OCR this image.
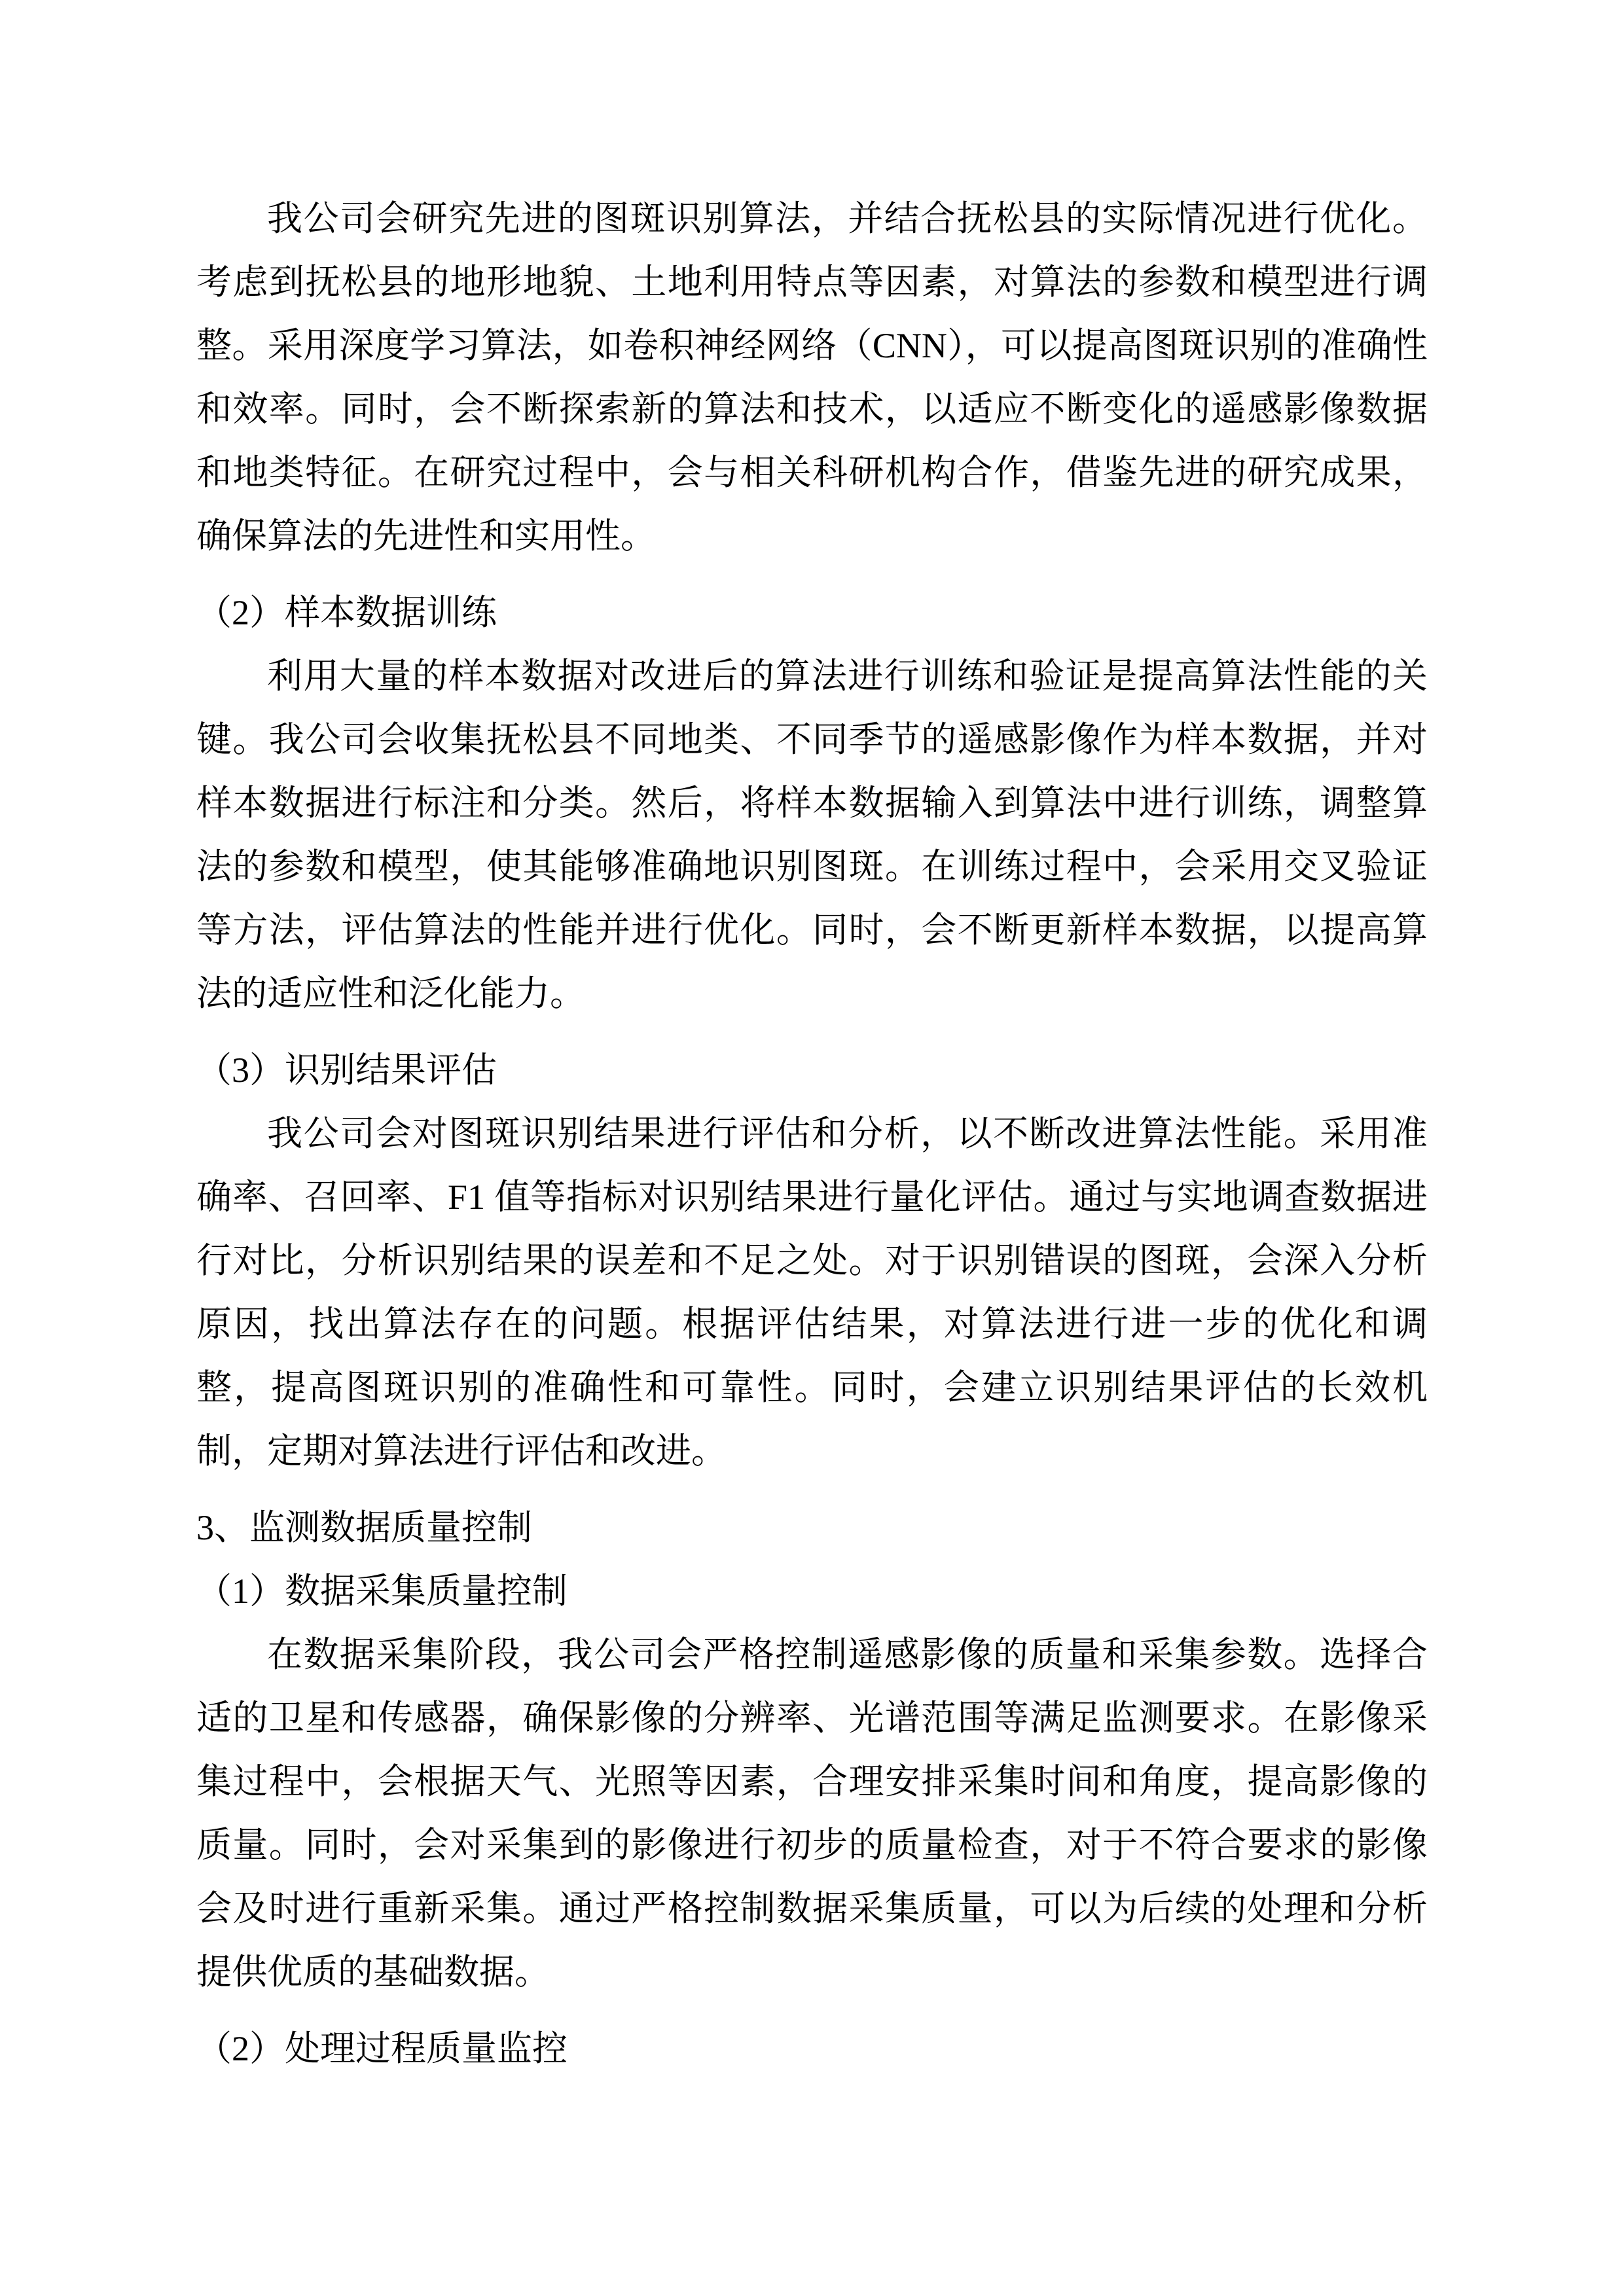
我公司会研究先进的图斑识别算法，并结合抚松县的实际情况进行优化。考虑到抚松县的地形地貌、土地利用特点等因素，对算法的参数和模型进行调整。采用深度学习算法，如卷积神经网络（CNN），可以提高图斑识别的准确性和效率。同时，会不断探索新的算法和技术，以适应不断变化的遥感影像数据和地类特征。在研究过程中，会与相关科研机构合作，借鉴先进的研究成果，确保算法的先进性和实用性。

（2）样本数据训练

利用大量的样本数据对改进后的算法进行训练和验证是提高算法性能的关键。我公司会收集抚松县不同地类、不同季节的遥感影像作为样本数据，并对样本数据进行标注和分类。然后，将样本数据输入到算法中进行训练，调整算法的参数和模型，使其能够准确地识别图斑。在训练过程中，会采用交叉验证等方法，评估算法的性能并进行优化。同时，会不断更新样本数据，以提高算法的适应性和泛化能力。

（3）识别结果评估

我公司会对图斑识别结果进行评估和分析，以不断改进算法性能。采用准确率、召回率、F1 值等指标对识别结果进行量化评估。通过与实地调查数据进行对比，分析识别结果的误差和不足之处。对于识别错误的图斑，会深入分析原因，找出算法存在的问题。根据评估结果，对算法进行进一步的优化和调整，提高图斑识别的准确性和可靠性。同时，会建立识别结果评估的长效机制，定期对算法进行评估和改进。

3、监测数据质量控制

（1）数据采集质量控制

在数据采集阶段，我公司会严格控制遥感影像的质量和采集参数。选择合适的卫星和传感器，确保影像的分辨率、光谱范围等满足监测要求。在影像采集过程中，会根据天气、光照等因素，合理安排采集时间和角度，提高影像的质量。同时，会对采集到的影像进行初步的质量检查，对于不符合要求的影像会及时进行重新采集。通过严格控制数据采集质量，可以为后续的处理和分析提供优质的基础数据。

（2）处理过程质量监控
